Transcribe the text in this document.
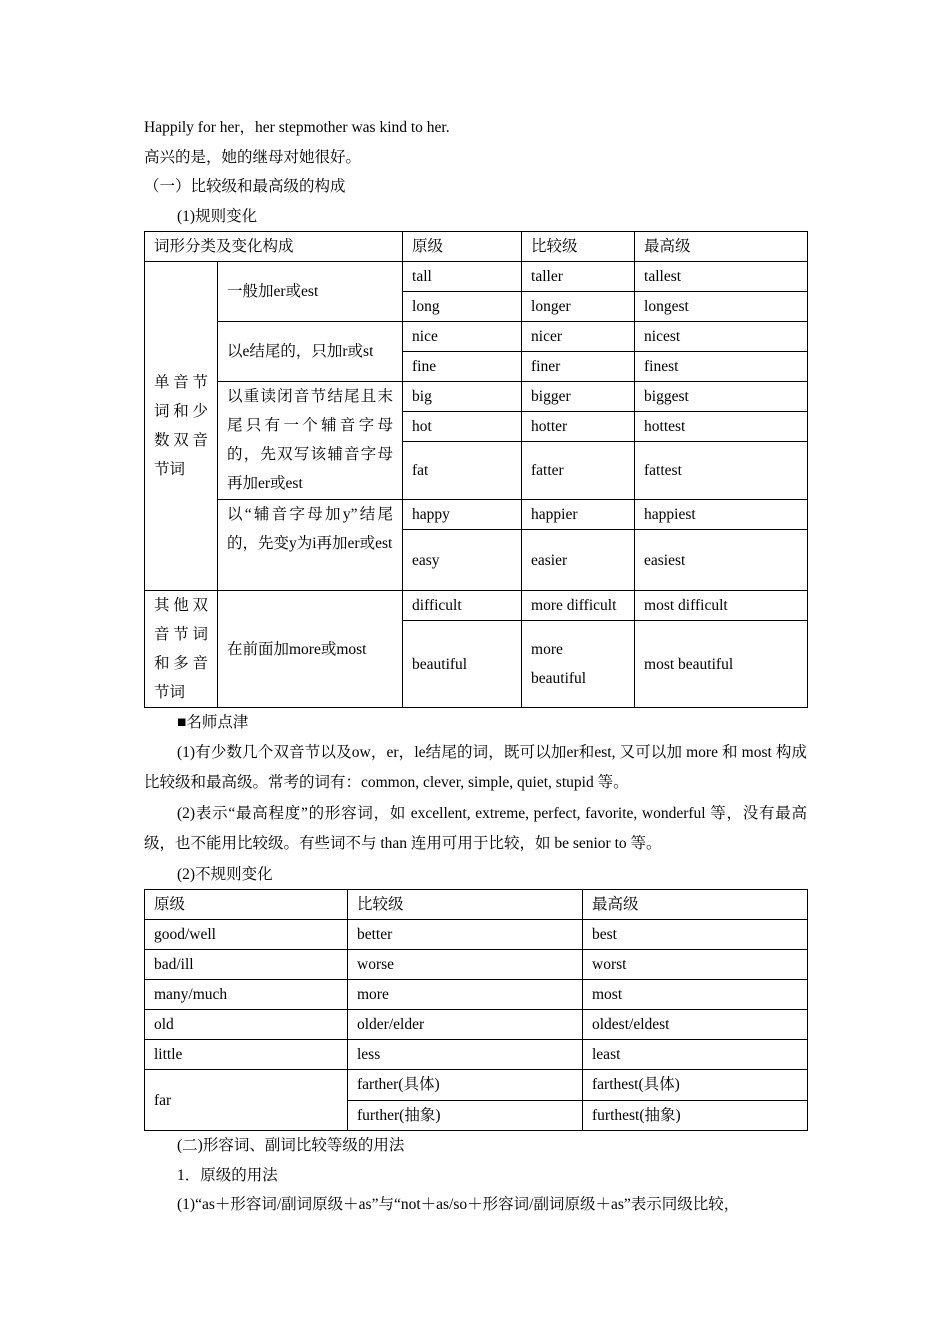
Happily for her，her stepmother was kind to her.

高兴的是，她的继母对她很好。

（一）比较级和最高级的构成

(1)规则变化

词形分类及变化构成		原级	比较级	最高级
单音节词和少数双音节词	一般加er或est	tall	taller	tallest
		long	longer	longest
	以e结尾的，只加r或st	nice	nicer	nicest
		fine	finer	finest
	以重读闭音节结尾且末尾只有一个辅音字母的，先双写该辅音字母再加er或est	big	bigger	biggest
		hot	hotter	hottest
		fat	fatter	fattest
	以“辅音字母加y”结尾的，先变y为i再加er或est	happy	happier	happiest
		easy	easier	easiest
其他双音节词和多音节词	在前面加more或most	difficult	more difficult	most difficult
		beautiful	more beautiful	most beautiful

■名师点津

(1)有少数几个双音节以及ow，er，le结尾的词，既可以加er和est, 又可以加 more 和 most 构成比较级和最高级。常考的词有：common, clever, simple, quiet, stupid 等。

(2)表示“最高程度”的形容词，如 excellent, extreme, perfect, favorite, wonderful 等，没有最高级，也不能用比较级。有些词不与 than 连用可用于比较，如 be senior to 等。

(2)不规则变化

原级	比较级	最高级
good/well	better	best
bad/ill	worse	worst
many/much	more	most
old	older/elder	oldest/eldest
little	less	least
far	farther(具体)	farthest(具体)
	further(抽象)	furthest(抽象)

(二)形容词、副词比较等级的用法

1．原级的用法

(1)“as＋形容词/副词原级＋as”与“not＋as/so＋形容词/副词原级＋as”表示同级比较，
